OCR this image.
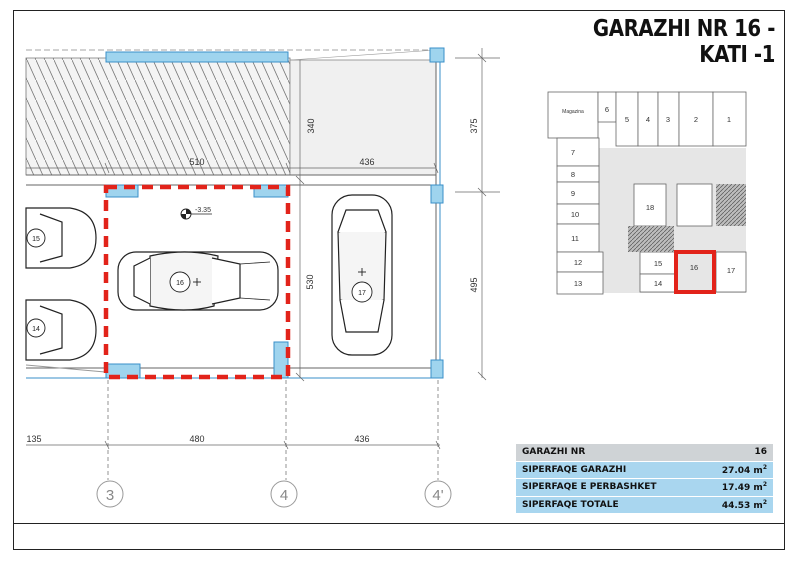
GARAZHI NR 16 - KATI -1
510	436
340	375
495
530
135	480	436
-3.35
16
17
15
14
3	4	4'
Magazina	6
5 4 3	2	1
7
8
9
10
11
12
13
18
15
14
16	17
GARAZHI NR	16
SIPERFAQE GARAZHI	27.04 $m^2$
SIPERFAQE E PERBASHKET	17.49 $m^2$
SIPERFAQE TOTALE	44.53 $m^2$
